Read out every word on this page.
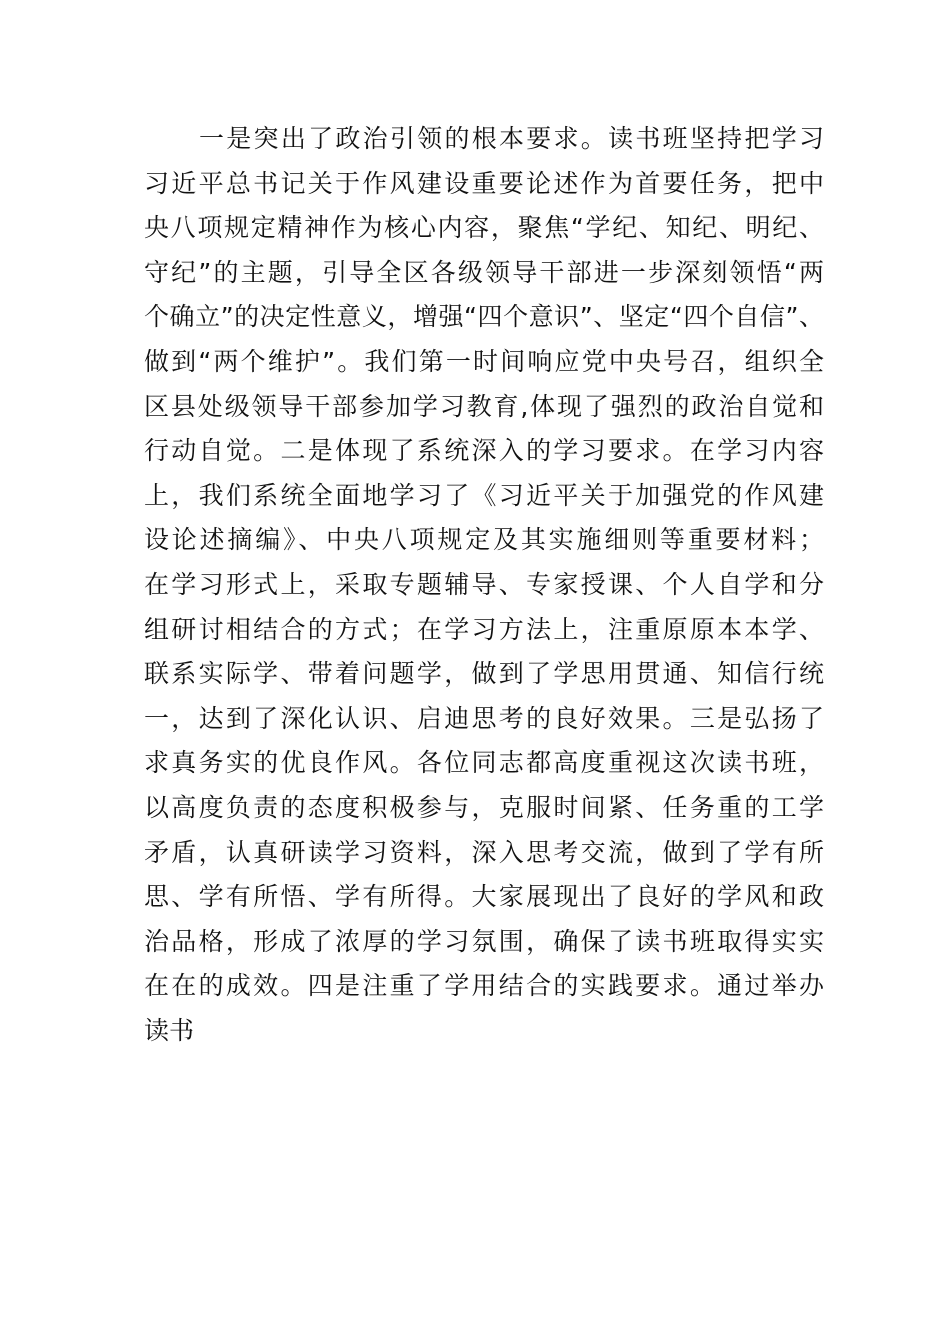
一是突出了政治引领的根本要求。读书班坚持把学习
习近平总书记关于作风建设重要论述作为首要任务，把中
央八项规定精神作为核心内容，聚焦“学纪、知纪、明纪、
守纪”的主题，引导全区各级领导干部进一步深刻领悟“两
个确立”的决定性意义，增强“四个意识”、坚定“四个自信”、
做到“两个维护”。我们第一时间响应党中央号召，组织全
区县处级领导干部参加学习教育,体现了强烈的政治自觉和
行动自觉。二是体现了系统深入的学习要求。在学习内容
上，我们系统全面地学习了《习近平关于加强党的作风建
设论述摘编》、中央八项规定及其实施细则等重要材料；
在学习形式上，采取专题辅导、专家授课、个人自学和分
组研讨相结合的方式；在学习方法上，注重原原本本学、
联系实际学、带着问题学，做到了学思用贯通、知信行统
一，达到了深化认识、启迪思考的良好效果。三是弘扬了
求真务实的优良作风。各位同志都高度重视这次读书班，
以高度负责的态度积极参与，克服时间紧、任务重的工学
矛盾，认真研读学习资料，深入思考交流，做到了学有所
思、学有所悟、学有所得。大家展现出了良好的学风和政
治品格，形成了浓厚的学习氛围，确保了读书班取得实实
在在的成效。四是注重了学用结合的实践要求。通过举办
读书
